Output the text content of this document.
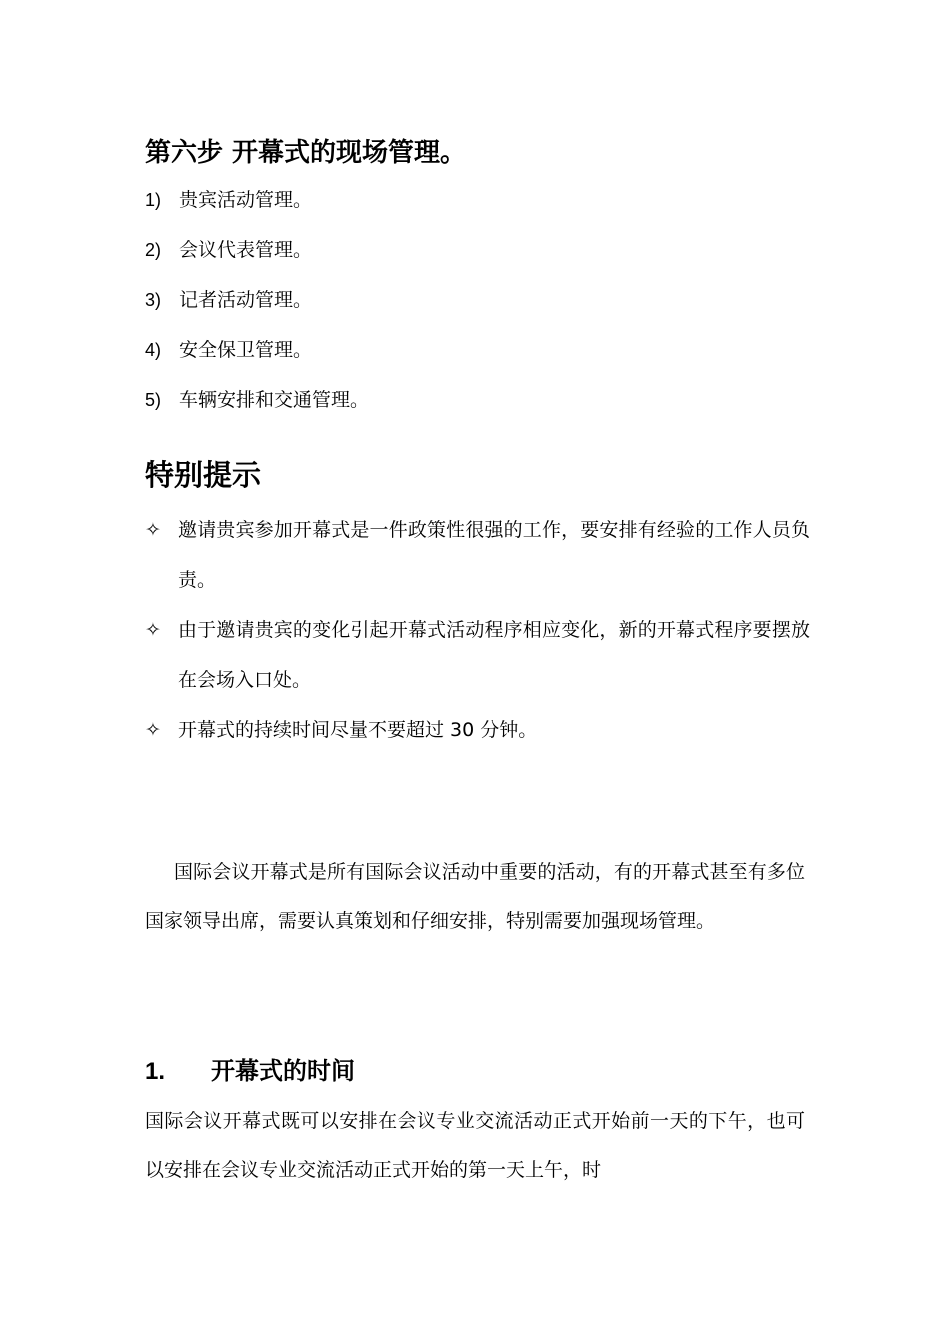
第六步 开幕式的现场管理。
1) 贵宾活动管理。
2) 会议代表管理。
3) 记者活动管理。
4) 安全保卫管理。
5) 车辆安排和交通管理。
特别提示

✧ 邀请贵宾参加开幕式是一件政策性很强的工作，要安排有经验的工作人员负责。

✧ 由于邀请贵宾的变化引起开幕式活动程序相应变化，新的开幕式程序要摆放在会场入口处。

✧ 开幕式的持续时间尽量不要超过 30 分钟。

国际会议开幕式是所有国际会议活动中重要的活动，有的开幕式甚至有多位国家领导出席，需要认真策划和仔细安排，特别需要加强现场管理。

1. 开幕式的时间

国际会议开幕式既可以安排在会议专业交流活动正式开始前一天的下午，也可以安排在会议专业交流活动正式开始的第一天上午，时
